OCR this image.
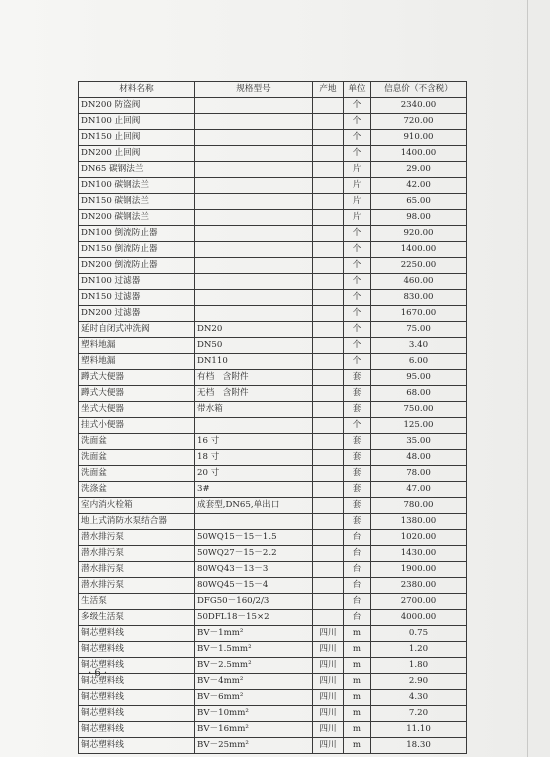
材料名称	规格型号	产地	单位	信息价（不含税）
DN200 防盗阀			个	2340.00
DN100 止回阀			个	720.00
DN150 止回阀			个	910.00
DN200 止回阀			个	1400.00
DN65 碳钢法兰			片	29.00
DN100 碳钢法兰			片	42.00
DN150 碳钢法兰			片	65.00
DN200 碳钢法兰			片	98.00
DN100 倒流防止器			个	920.00
DN150 倒流防止器			个	1400.00
DN200 倒流防止器			个	2250.00
DN100 过滤器			个	460.00
DN150 过滤器			个	830.00
DN200 过滤器			个	1670.00
延时自闭式冲洗阀	DN20		个	75.00
塑料地漏	DN50		个	3.40
塑料地漏	DN110		个	6.00
蹲式大便器	有档　含附件		套	95.00
蹲式大便器	无档　含附件		套	68.00
坐式大便器	带水箱		套	750.00
挂式小便器			个	125.00
洗面盆	16 寸		套	35.00
洗面盆	18 寸		套	48.00
洗面盆	20 寸		套	78.00
洗涤盆	3#		套	47.00
室内消火栓箱	成套型,DN65,单出口		套	780.00
地上式消防水泵结合器			套	1380.00
潜水排污泵	50WQ15－15－1.5		台	1020.00
潜水排污泵	50WQ27－15－2.2		台	1430.00
潜水排污泵	80WQ43－13－3		台	1900.00
潜水排污泵	80WQ45－15－4		台	2380.00
生活泵	DFG50－160/2/3		台	2700.00
多级生活泵	50DFL18－15×2		台	4000.00
铜芯塑料线	BV－1mm²	四川	m	0.75
铜芯塑料线	BV－1.5mm²	四川	m	1.20
铜芯塑料线	BV－2.5mm²	四川	m	1.80
铜芯塑料线	BV－4mm²	四川	m	2.90
铜芯塑料线	BV－6mm²	四川	m	4.30
铜芯塑料线	BV－10mm²	四川	m	7.20
铜芯塑料线	BV－16mm²	四川	m	11.10
铜芯塑料线	BV－25mm²	四川	m	18.30
· 6 ·
